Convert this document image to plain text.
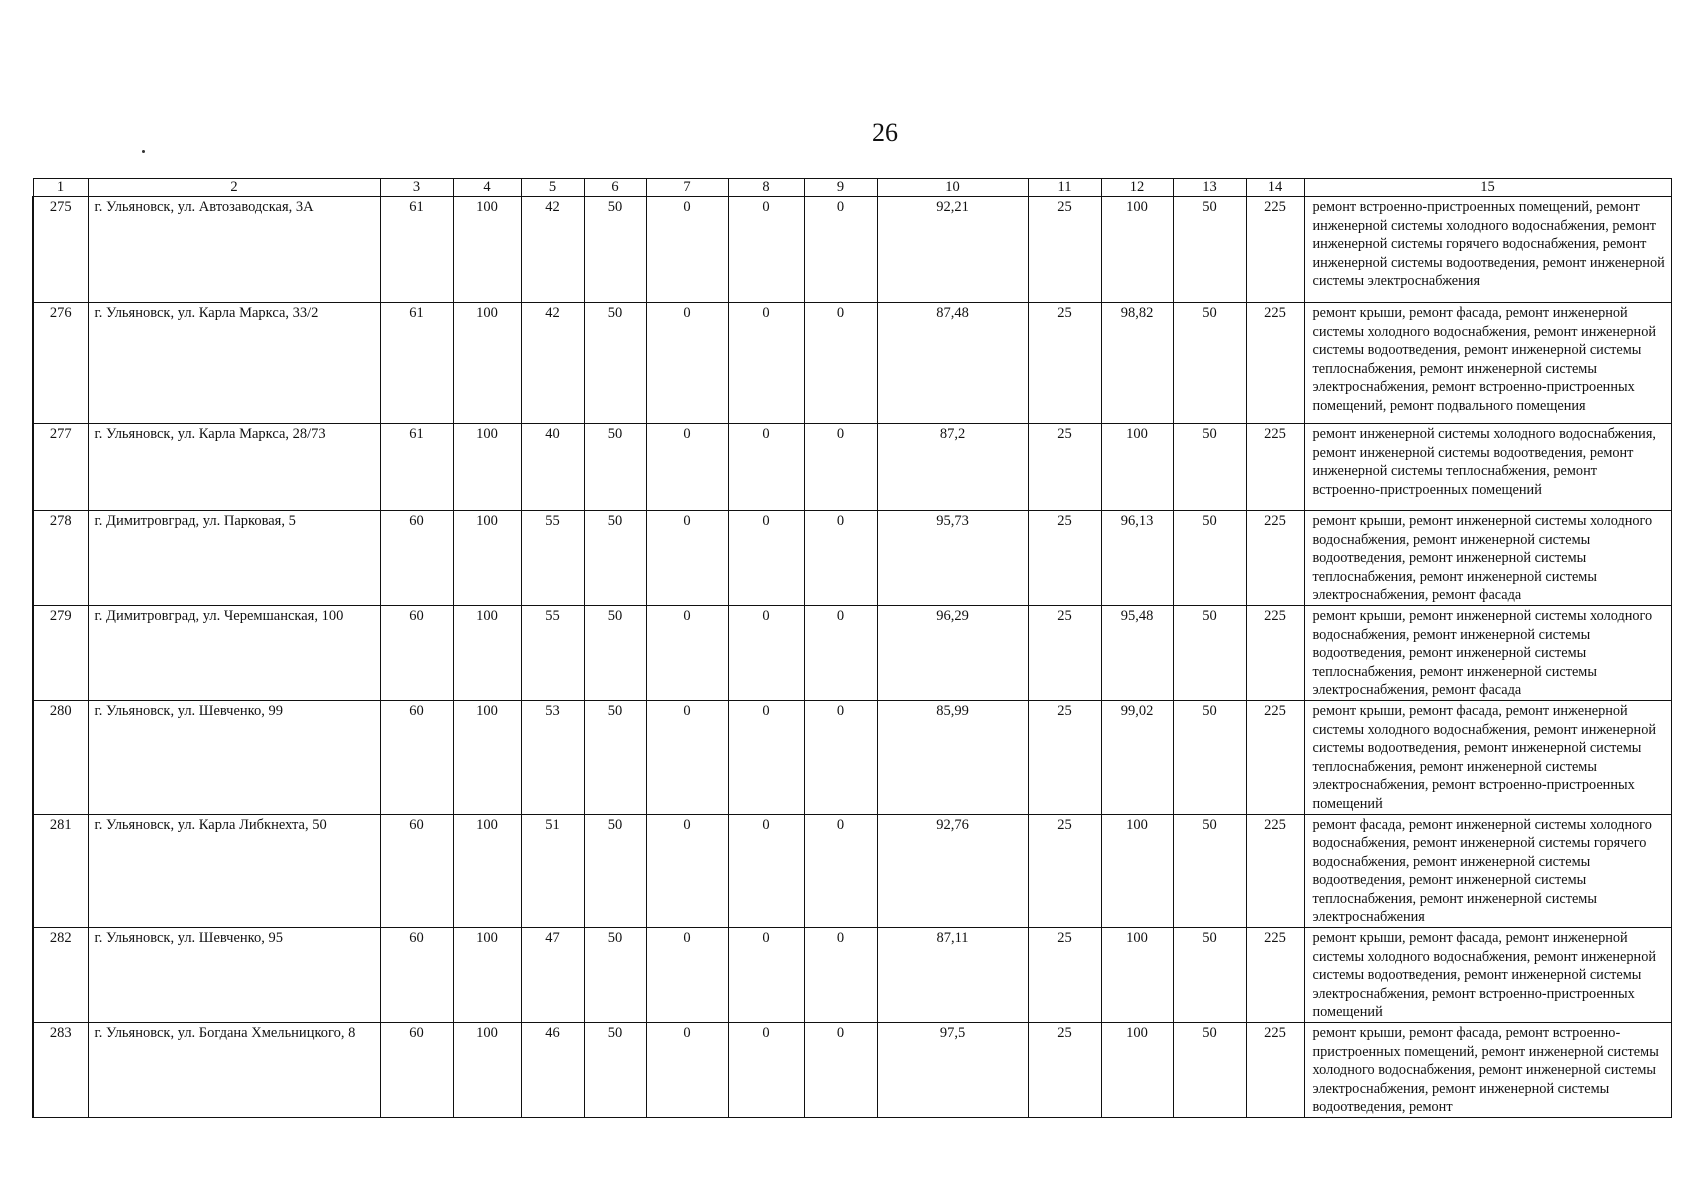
26
1	2	3	4	5	6	7	8	9	10	11	12	13	14	15
275	г. Ульяновск, ул. Автозаводская, 3А	61	100	42	50	0	0	0	92,21	25	100	50	225	ремонт встроенно-пристроенных помещений, ремонт инженерной системы холодного водоснабжения, ремонт инженерной системы горячего водоснабжения, ремонт инженерной системы водоотведения, ремонт инженерной системы электроснабжения
276	г. Ульяновск, ул. Карла Маркса, 33/2	61	100	42	50	0	0	0	87,48	25	98,82	50	225	ремонт крыши, ремонт фасада, ремонт инженерной системы холодного водоснабжения, ремонт инженерной системы водоотведения, ремонт инженерной системы теплоснабжения, ремонт инженерной системы электроснабжения, ремонт встроенно-пристроенных помещений, ремонт подвального помещения
277	г. Ульяновск, ул. Карла Маркса, 28/73	61	100	40	50	0	0	0	87,2	25	100	50	225	ремонт инженерной системы холодного водоснабжения, ремонт инженерной системы водоотведения, ремонт инженерной системы теплоснабжения, ремонт встроенно-пристроенных помещений
278	г. Димитровград, ул. Парковая, 5	60	100	55	50	0	0	0	95,73	25	96,13	50	225	ремонт крыши, ремонт инженерной системы холодного водоснабжения, ремонт инженерной системы водоотведения, ремонт инженерной системы теплоснабжения, ремонт инженерной системы электроснабжения, ремонт фасада
279	г. Димитровград, ул. Черемшанская, 100	60	100	55	50	0	0	0	96,29	25	95,48	50	225	ремонт крыши, ремонт инженерной системы холодного водоснабжения, ремонт инженерной системы водоотведения, ремонт инженерной системы теплоснабжения, ремонт инженерной системы электроснабжения, ремонт фасада
280	г. Ульяновск, ул. Шевченко, 99	60	100	53	50	0	0	0	85,99	25	99,02	50	225	ремонт крыши, ремонт фасада, ремонт инженерной системы холодного водоснабжения, ремонт инженерной системы водоотведения, ремонт инженерной системы теплоснабжения, ремонт инженерной системы электроснабжения, ремонт встроенно-пристроенных помещений
281	г. Ульяновск, ул. Карла Либкнехта, 50	60	100	51	50	0	0	0	92,76	25	100	50	225	ремонт фасада, ремонт инженерной системы холодного водоснабжения, ремонт инженерной системы горячего водоснабжения, ремонт инженерной системы водоотведения, ремонт инженерной системы теплоснабжения, ремонт инженерной системы электроснабжения
282	г. Ульяновск, ул. Шевченко, 95	60	100	47	50	0	0	0	87,11	25	100	50	225	ремонт крыши, ремонт фасада, ремонт инженерной системы холодного водоснабжения, ремонт инженерной системы водоотведения, ремонт инженерной системы электроснабжения, ремонт встроенно-пристроенных помещений
283	г. Ульяновск, ул. Богдана Хмельницкого, 8	60	100	46	50	0	0	0	97,5	25	100	50	225	ремонт крыши, ремонт фасада, ремонт встроенно-пристроенных помещений, ремонт инженерной системы холодного водоснабжения, ремонт инженерной системы электроснабжения, ремонт инженерной системы водоотведения, ремонт
